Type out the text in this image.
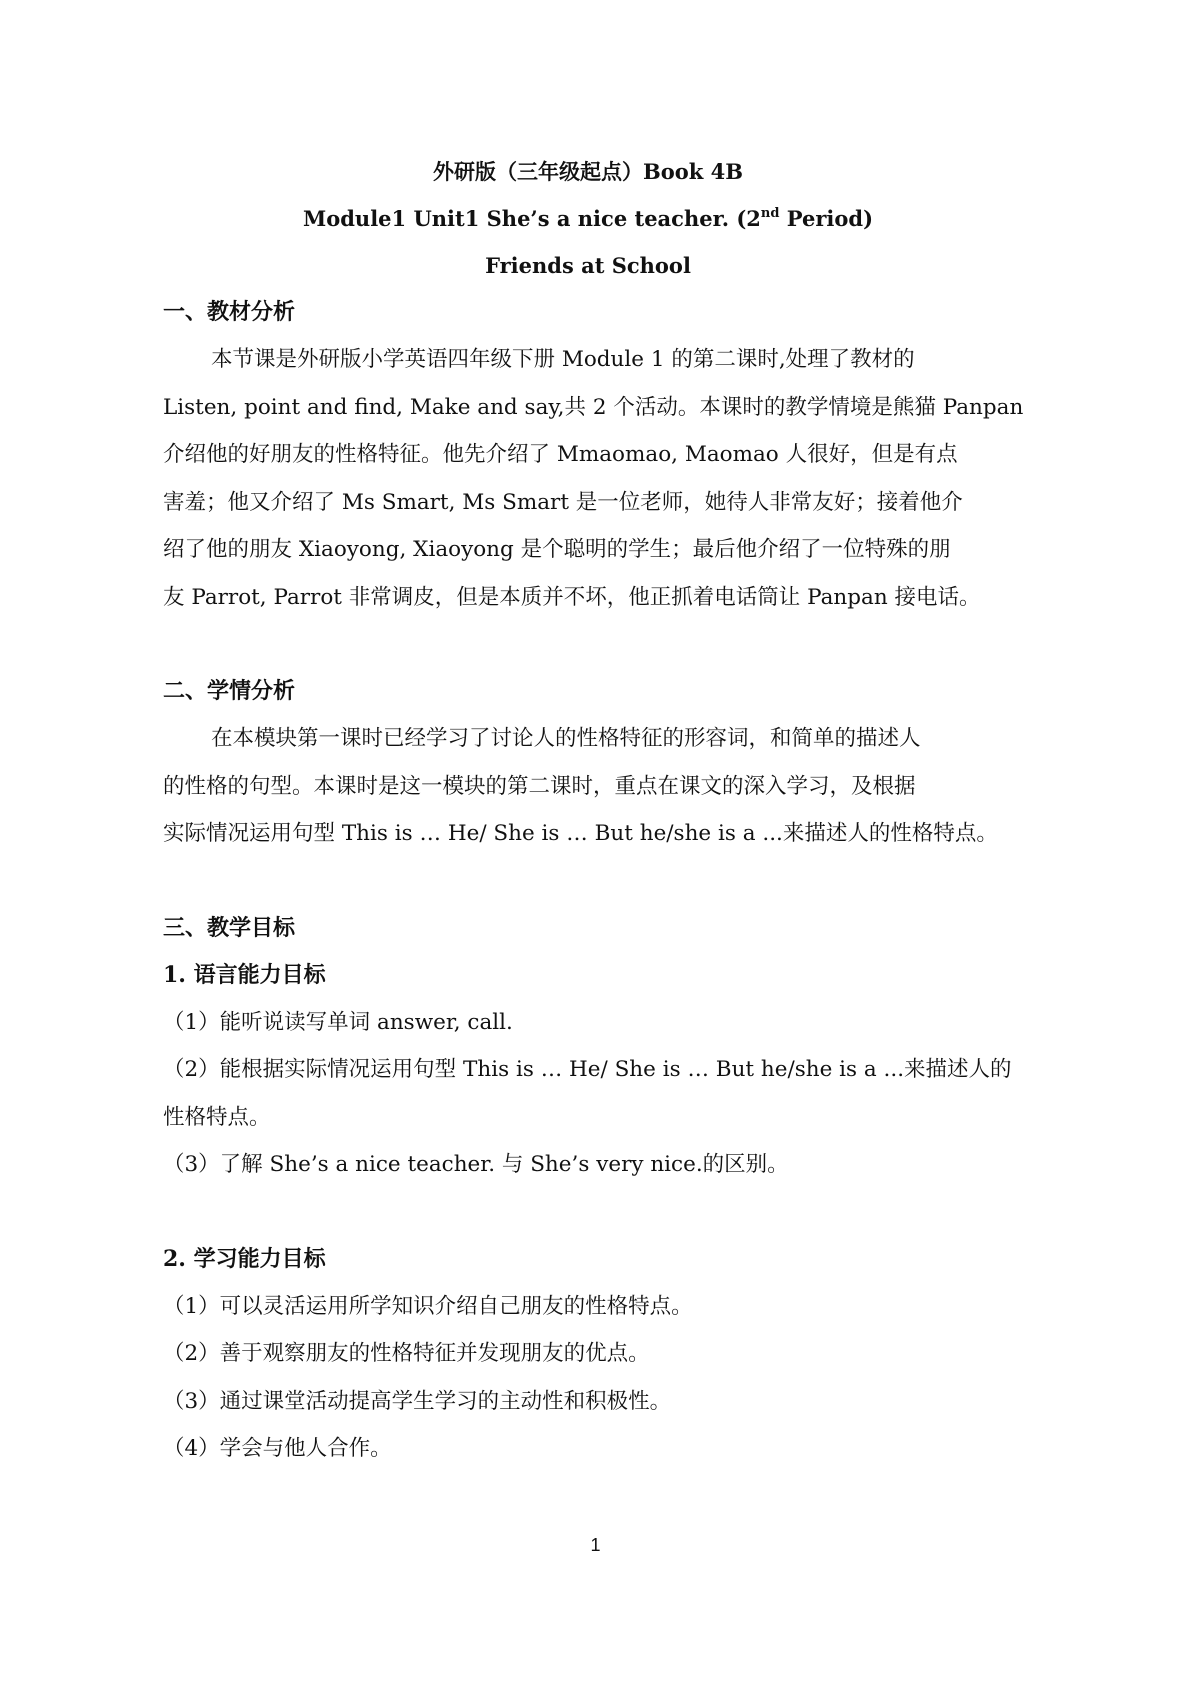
外研版（三年级起点）Book 4B
Module1 Unit1 She’s a nice teacher. (2nd Period)
Friends at School
一、教材分析
本节课是外研版小学英语四年级下册 Module 1 的第二课时,处理了教材的
Listen, point and find, Make and say,共 2 个活动。本课时的教学情境是熊猫 Panpan
介绍他的好朋友的性格特征。他先介绍了 Mmaomao, Maomao 人很好，但是有点
害羞；他又介绍了 Ms Smart, Ms Smart 是一位老师，她待人非常友好；接着他介
绍了他的朋友 Xiaoyong, Xiaoyong 是个聪明的学生；最后他介绍了一位特殊的朋
友 Parrot, Parrot 非常调皮，但是本质并不坏，他正抓着电话筒让 Panpan 接电话。
二、学情分析
在本模块第一课时已经学习了讨论人的性格特征的形容词，和简单的描述人
的性格的句型。本课时是这一模块的第二课时，重点在课文的深入学习，及根据
实际情况运用句型 This is … He/ She is … But he/she is a ...来描述人的性格特点。
三、教学目标
1. 语言能力目标
（1）能听说读写单词 answer, call.
（2）能根据实际情况运用句型 This is … He/ She is … But he/she is a ...来描述人的
性格特点。
（3）了解 She’s a nice teacher. 与 She’s very nice.的区别。
2. 学习能力目标
（1）可以灵活运用所学知识介绍自己朋友的性格特点。
（2）善于观察朋友的性格特征并发现朋友的优点。
（3）通过课堂活动提高学生学习的主动性和积极性。
（4）学会与他人合作。
1
